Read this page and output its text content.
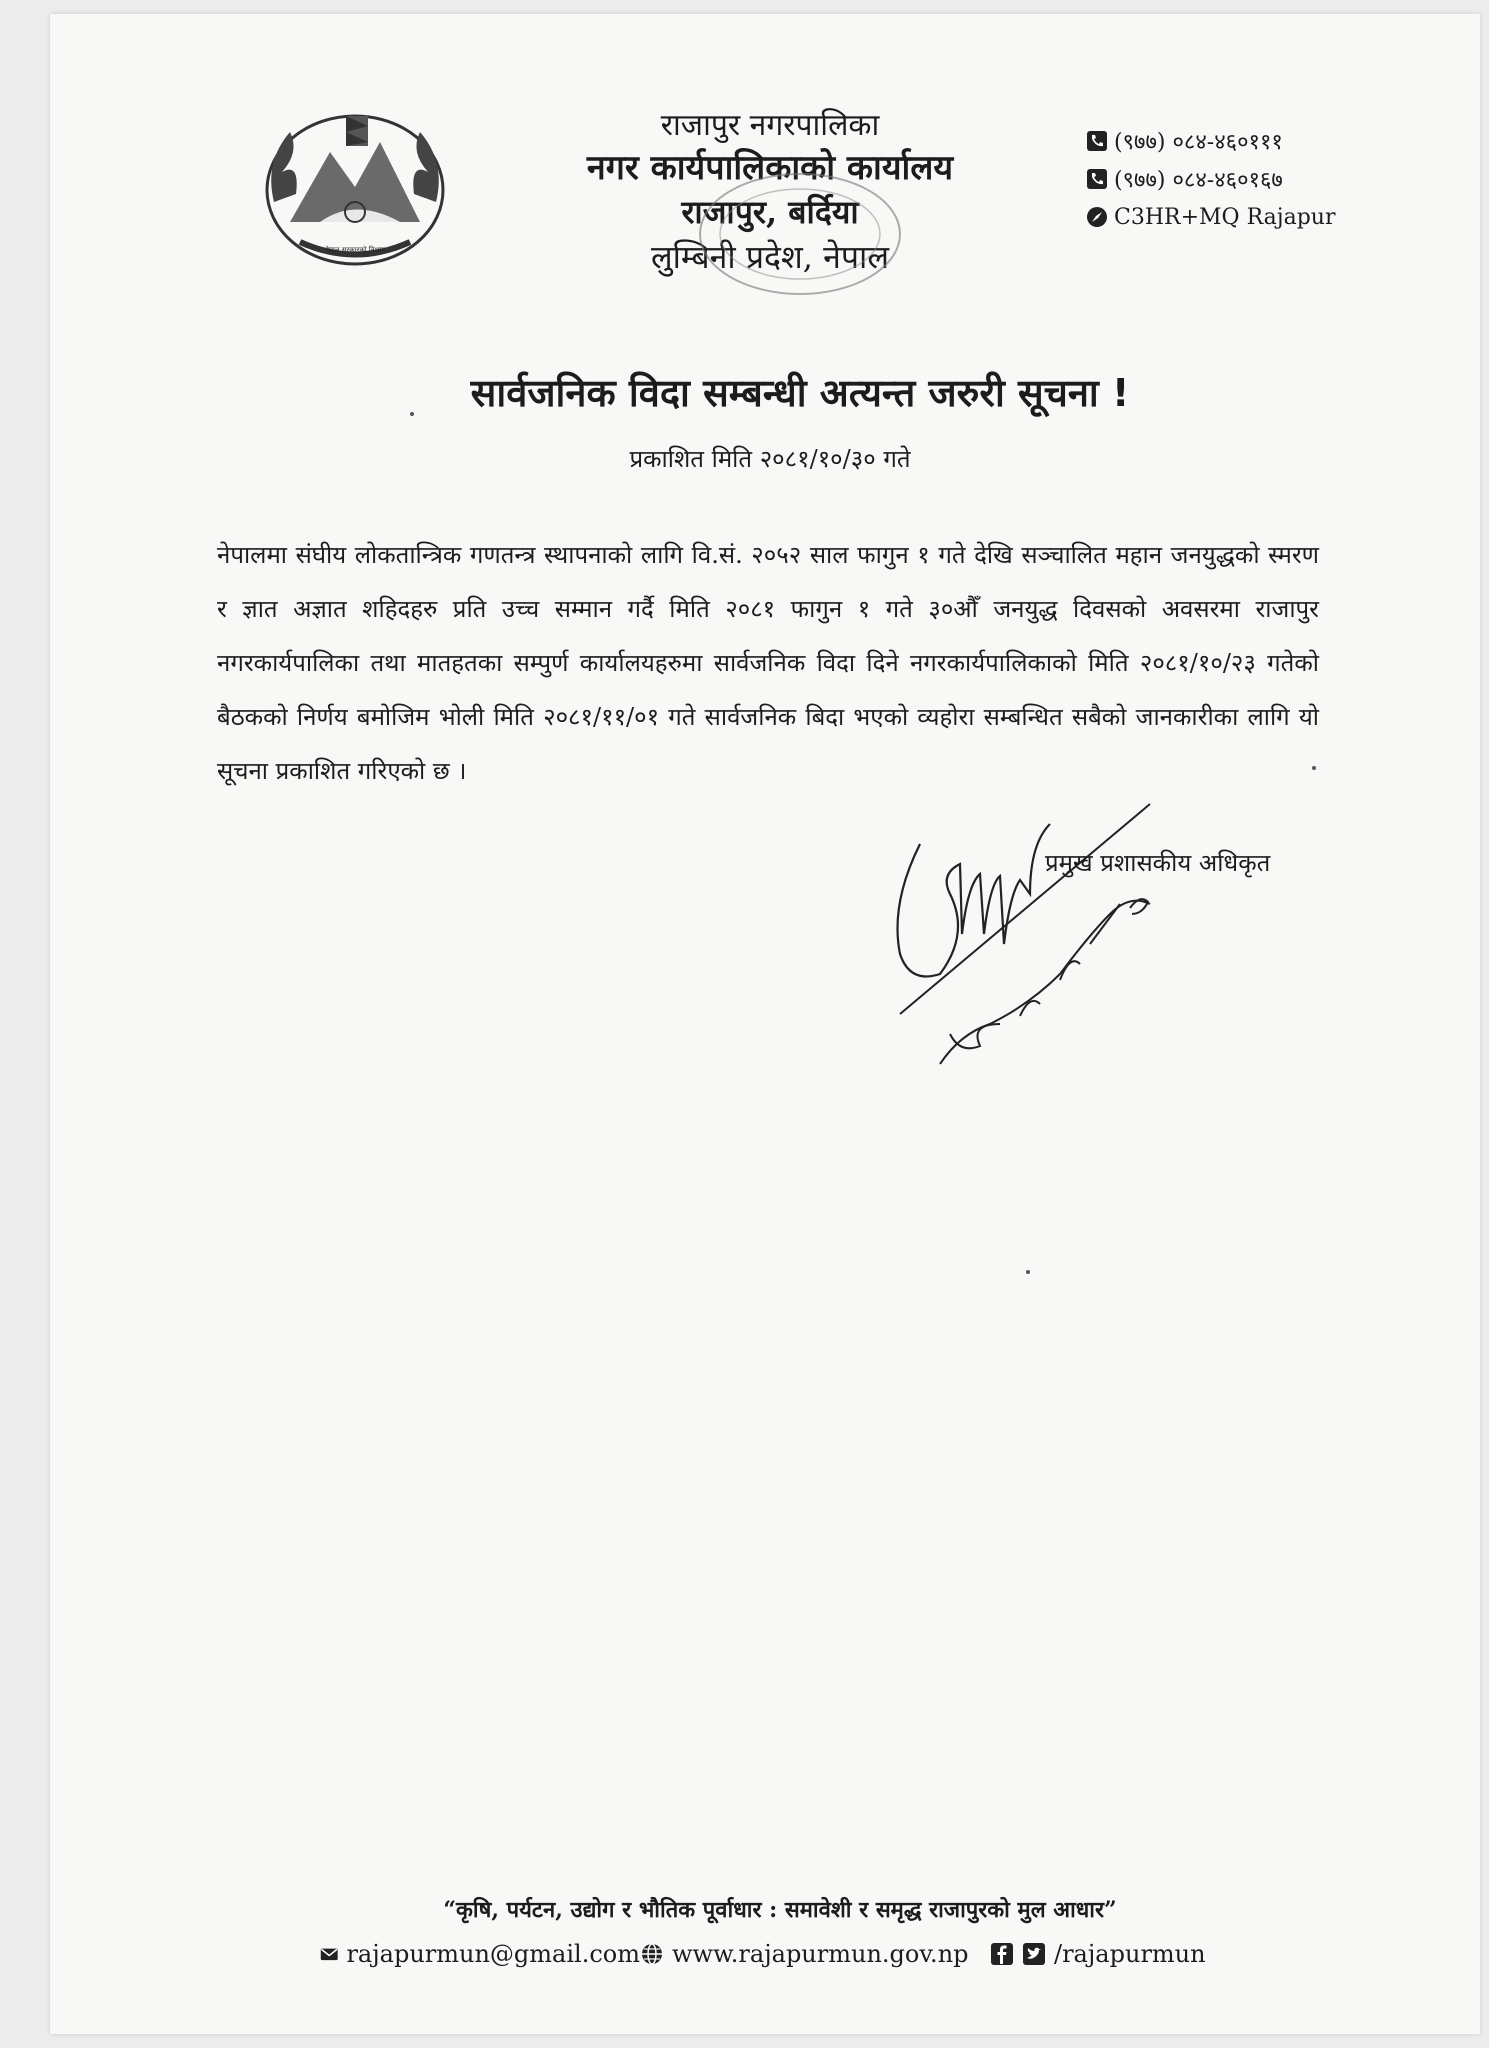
नेपाल सरकारको निशान
राजापुर नगरपालिका
नगर कार्यपालिकाको कार्यालय
राजापुर, बर्दिया
लुम्बिनी प्रदेश, नेपाल
(९७७) ०८४-४६०१११
(९७७) ०८४-४६०१६७
C3HR+MQ Rajapur
सार्वजनिक विदा सम्बन्धी अत्यन्त जरुरी सूचना !
प्रकाशित मिति २०८१/१०/३० गते
नेपालमा संघीय लोकतान्त्रिक गणतन्त्र स्थापनाको लागि वि.सं. २०५२ साल फागुन १ गते देखि सञ्चालित महान जनयुद्धको स्मरण र ज्ञात अज्ञात शहिदहरु प्रति उच्च सम्मान गर्दै मिति २०८१ फागुन १ गते ३०औँ जनयुद्ध दिवसको अवसरमा राजापुर नगरकार्यपालिका तथा मातहतका सम्पुर्ण कार्यालयहरुमा सार्वजनिक विदा दिने नगरकार्यपालिकाको मिति २०८१/१०/२३ गतेको बैठकको निर्णय बमोजिम भोली मिति २०८१/११/०१ गते सार्वजनिक बिदा भएको व्यहोरा सम्बन्धित सबैको जानकारीका लागि यो सूचना प्रकाशित गरिएको छ ।
प्रमुख प्रशासकीय अधिकृत
“कृषि, पर्यटन, उद्योग र भौतिक पूर्वाधार : समावेशी र समृद्ध राजापुरको मुल आधार”
rajapurmun@gmail.com www.rajapurmun.gov.np	/rajapurmun
